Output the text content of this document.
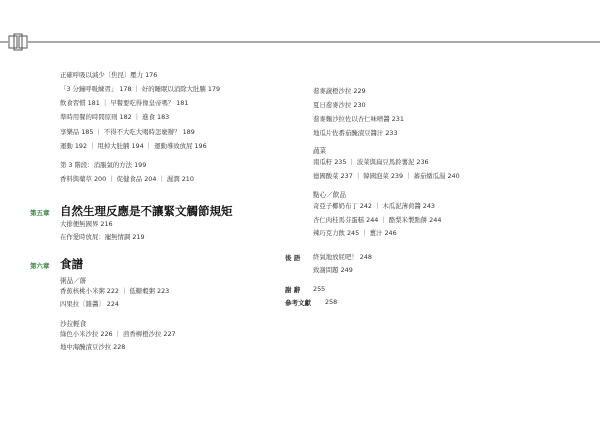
正確呼吸以減少〔焦昆〕壓力 176
「3 分鐘呼吸練習」 178 ｜ 好的睡眠以消除大肚腩 179
飲食習慣 181 ｜ 早餐要吃得像皇帝嗎？ 181
準時用餐的時間原則 182 ｜ 進食 183
享樂品 185 ｜ 不得不大吃大喝時怎麼辦？ 189
運動 192 ｜ 甩掉大肚腩 194 ｜ 運動導致放屁 196
第 3 階段：消脹氣的方法 199
香料與藥草 200 ｜ 促健食品 204 ｜ 濕潤 210
第五章 自然生理反應是不讓緊文觸節規矩
大排便無國界 216
在作愛時放屁：寵無情調 219
第六章 食譜
粥品／餅
香蕉核桃小米粥 222 ｜ 低糖穀粥 223
四果拉〔雜醬〕 224
沙拉輕食
綠色小米沙拉 226 ｜ 茴香柳橙沙拉 227
地中海醃漬豆沙拉 228
蕎麥蔬橙沙拉 229
夏日蕎麥沙拉 230
蕎麥麵沙拉佐以杏仁味噌醬 231
地瓜片佐番茄醃漬豆醬汁 233
蔬菜
南瓜籽 235 ｜ 波菜與扁豆馬鈴薯泥 236
德國酸菜 237 ｜ 韓國泡菜 239 ｜ 蕃茄燉瓜湯 240
點心／飲品
奇亞子椰奶布丁 242 ｜ 木瓜泥薄荷醬 243
杏仁肉桂馬芬蛋糕 244 ｜ 酪梨米製點餅 244
辣巧克力飲 245 ｜ 薑汁 246
後 語 終氣地放屁吧！ 248
致謝問題 249
謝 辭 255
參考文獻 258
